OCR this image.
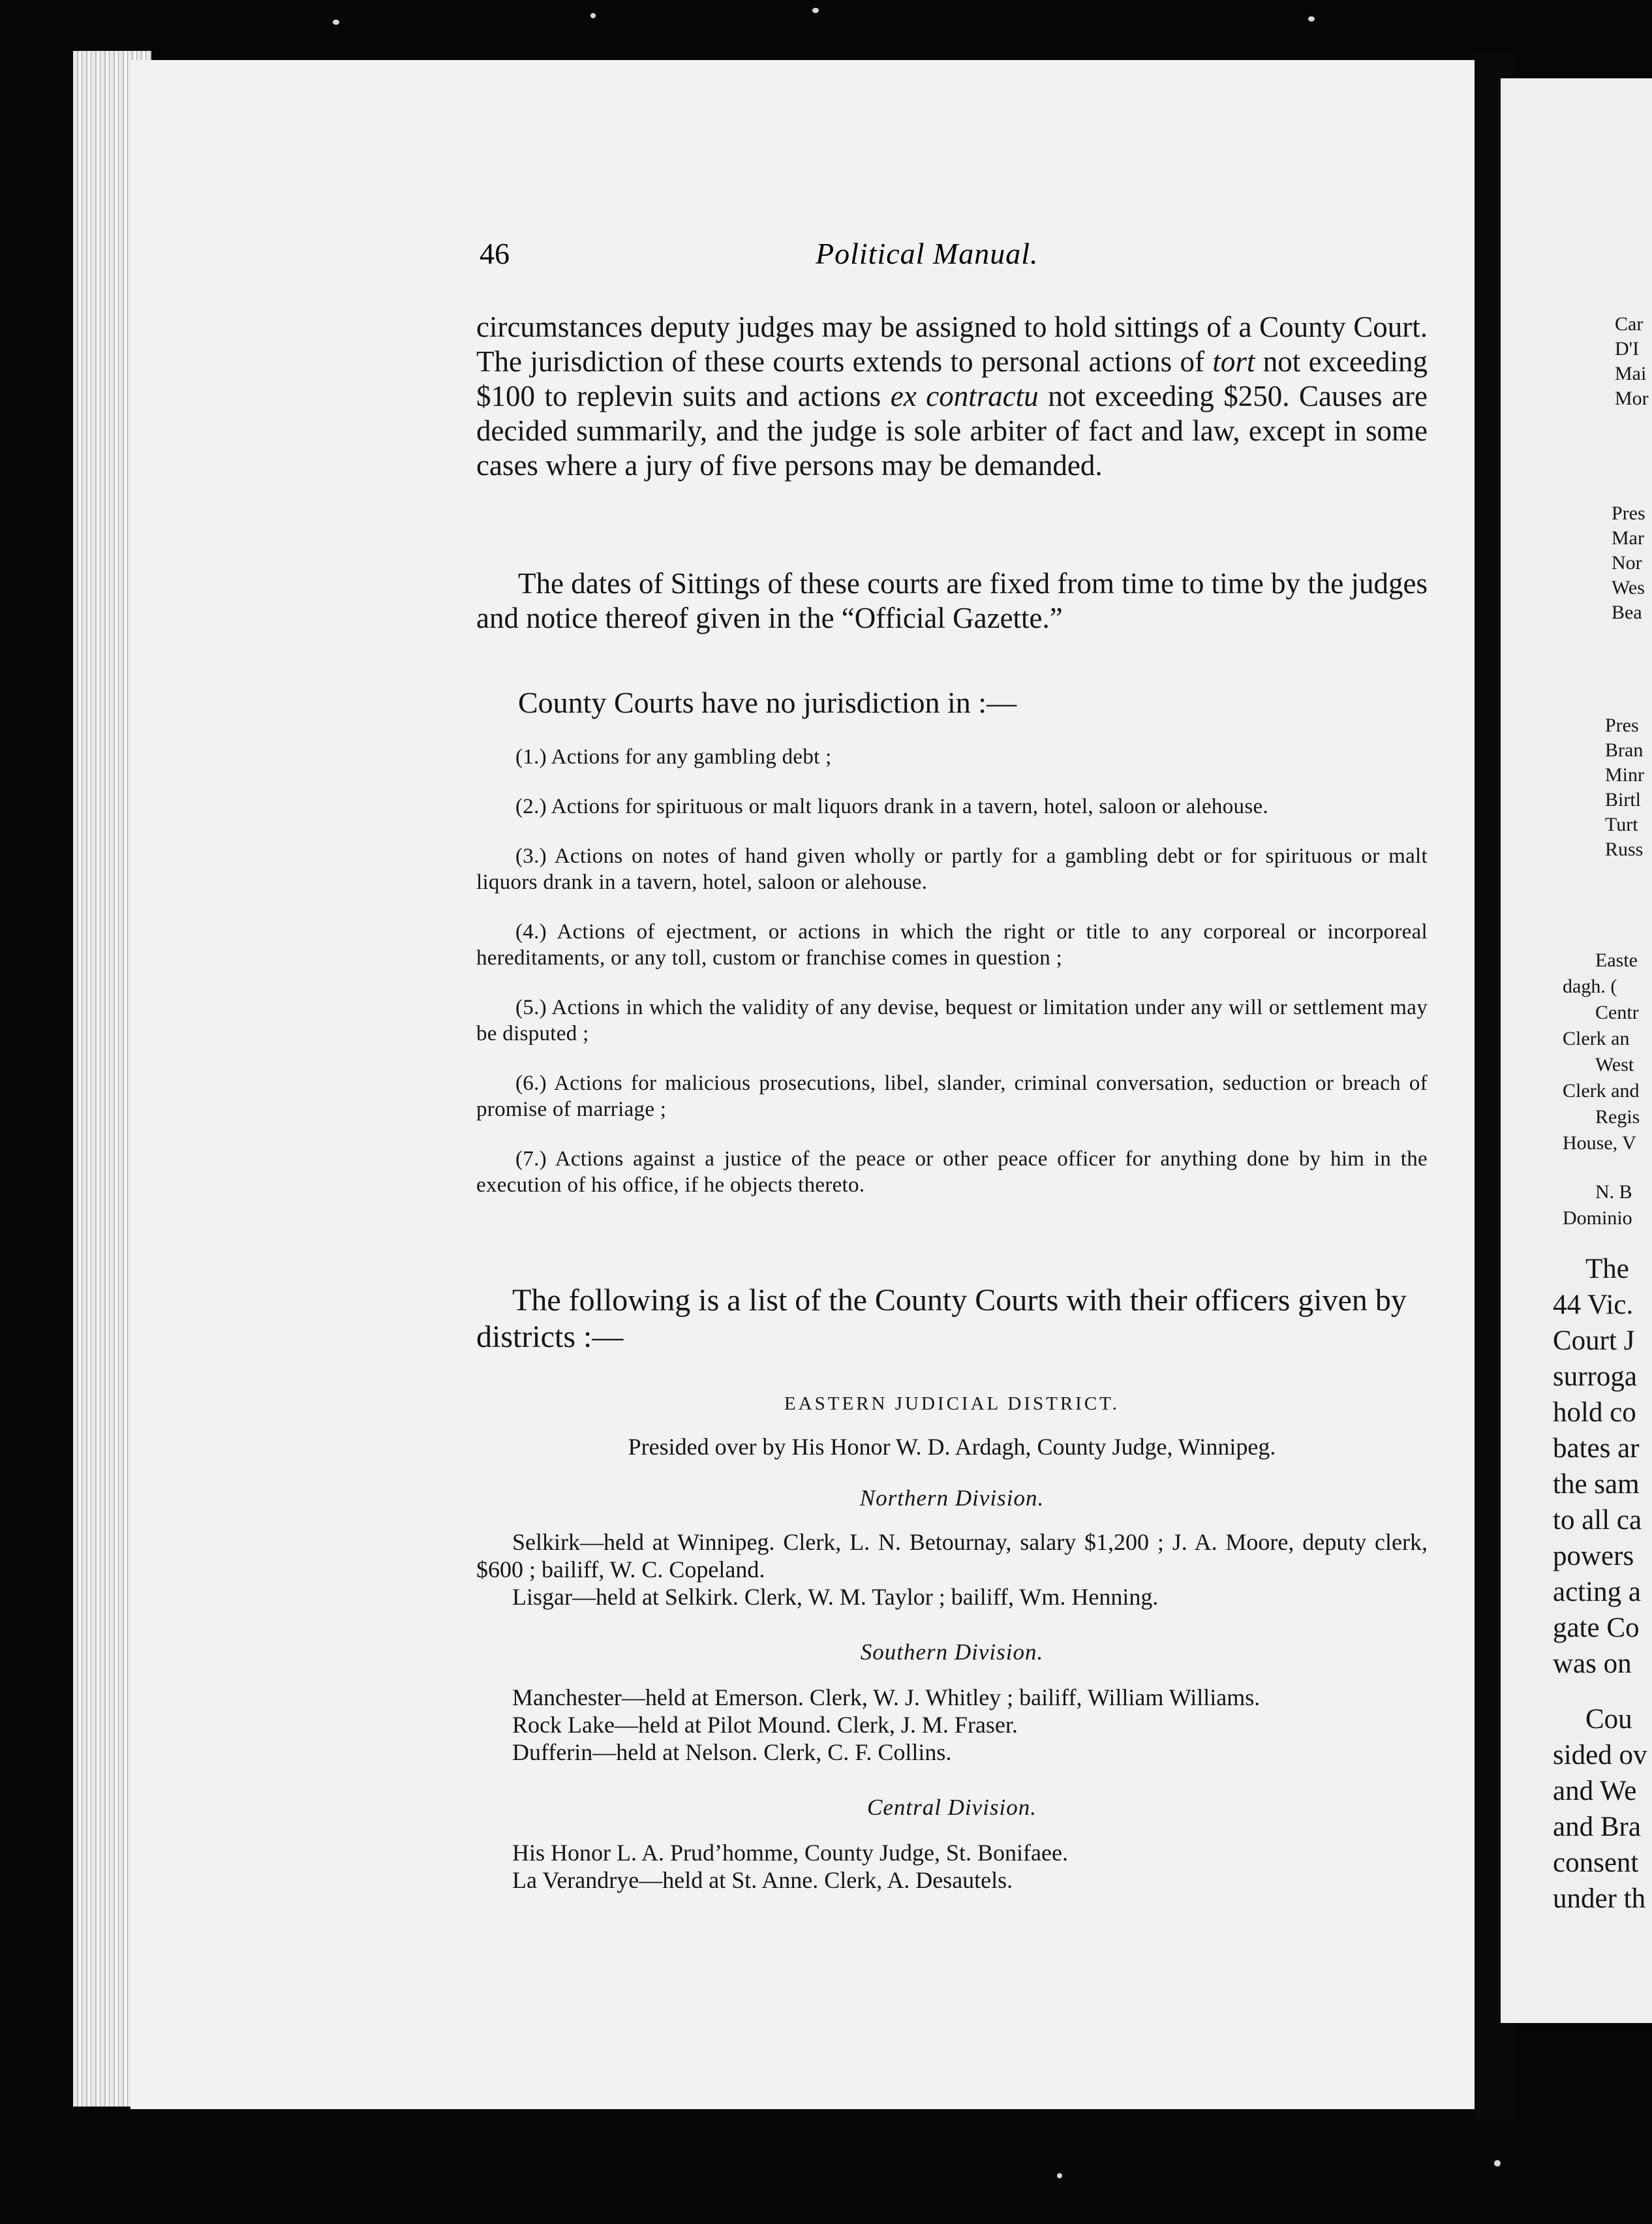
46	Political Manual.

circumstances deputy judges may be assigned to hold sittings of a County Court. The jurisdiction of these courts extends to personal actions of tort not exceeding $100 to replevin suits and actions ex contractu not exceeding $250. Causes are decided summarily, and the judge is sole arbiter of fact and law, except in some cases where a jury of five persons may be demanded.

The dates of Sittings of these courts are fixed from time to time by the judges and notice thereof given in the “Official Gazette.”

County Courts have no jurisdiction in :—

(1.) Actions for any gambling debt ;

(2.) Actions for spirituous or malt liquors drank in a tavern, hotel, saloon or alehouse.

(3.) Actions on notes of hand given wholly or partly for a gambling debt or for spirituous or malt liquors drank in a tavern, hotel, saloon or alehouse.

(4.) Actions of ejectment, or actions in which the right or title to any corporeal or incorporeal hereditaments, or any toll, custom or franchise comes in question ;

(5.) Actions in which the validity of any devise, bequest or limitation under any will or settlement may be disputed ;

(6.) Actions for malicious prosecutions, libel, slander, criminal conversation, seduction or breach of promise of marriage ;

(7.) Actions against a justice of the peace or other peace officer for anything done by him in the execution of his office, if he objects thereto.

The following is a list of the County Courts with their officers given by districts :—

EASTERN JUDICIAL DISTRICT.

Presided over by His Honor W. D. Ardagh, County Judge, Winnipeg.

Northern Division.

Selkirk—held at Winnipeg. Clerk, L. N. Betournay, salary $1,200 ; J. A. Moore, deputy clerk, $600 ; bailiff, W. C. Copeland.

Lisgar—held at Selkirk. Clerk, W. M. Taylor ; bailiff, Wm. Henning.

Southern Division.

Manchester—held at Emerson. Clerk, W. J. Whitley ; bailiff, William Williams.

Rock Lake—held at Pilot Mound. Clerk, J. M. Fraser.

Dufferin—held at Nelson. Clerk, C. F. Collins.

Central Division.

His Honor L. A. Prud’homme, County Judge, St. Bonifaee.

La Verandrye—held at St. Anne. Clerk, A. Desautels.

Car
D'I
Mai
Mor
Pres
Mar
Nor
Wes
Bea
Pres
Bran
Minr
Birtl
Turt
Russ
Easte
dagh. (
Centr
Clerk an
West
Clerk and
Regis
House, V
N. B
Dominio
The
44 Vic.
Court J
surroga
hold co
bates ar
the sam
to all ca
powers
acting a
gate Co
was on
Cou
sided ov
and We
and Bra
consent
under th
